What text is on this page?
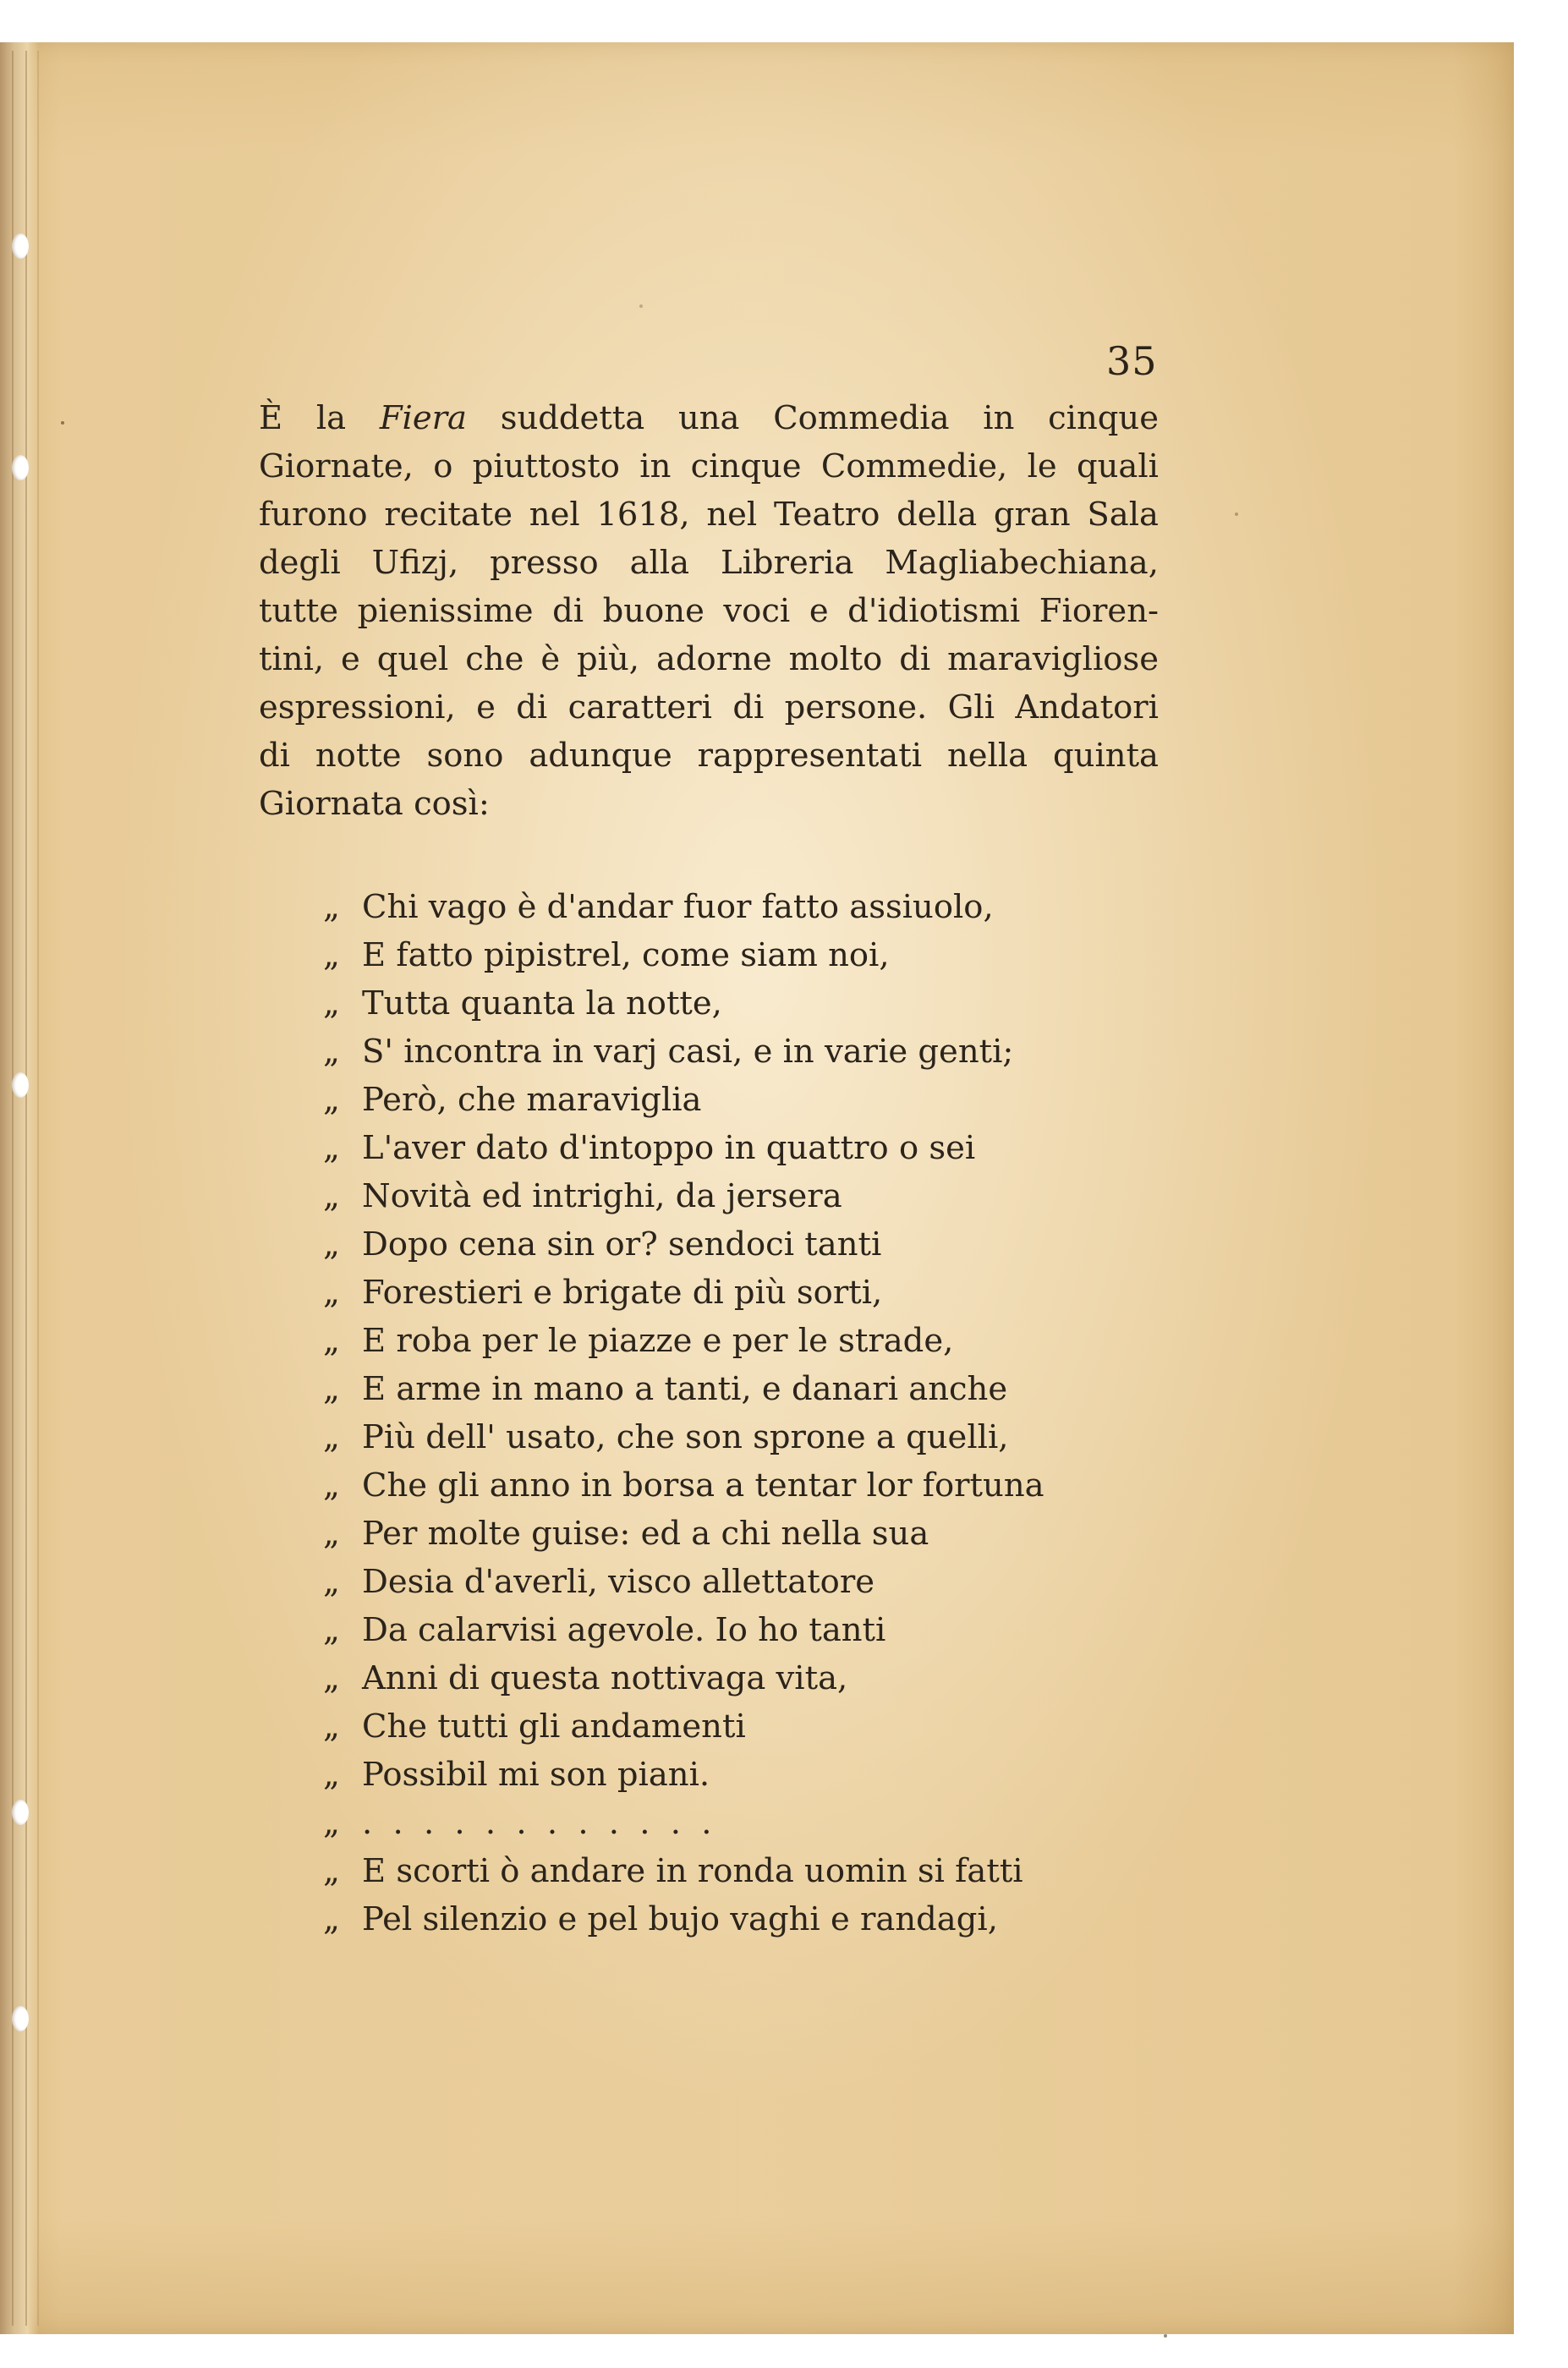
35
È la Fiera suddetta una Commedia in cinque
Giornate, o piuttosto in cinque Commedie, le quali
furono recitate nel 1618, nel Teatro della gran Sala
degli Ufizj, presso alla Libreria Magliabechiana,
tutte pienissime di buone voci e d'idiotismi Fioren-
tini, e quel che è più, adorne molto di maravigliose
espressioni, e di caratteri di persone. Gli Andatori
di notte sono adunque rappresentati nella quinta
Giornata così:
„ Chi vago è d'andar fuor fatto assiuolo,
„ E fatto pipistrel, come siam noi,
„ Tutta quanta la notte,
„ S' incontra in varj casi, e in varie genti;
„ Però, che maraviglia
„ L'aver dato d'intoppo in quattro o sei
„ Novità ed intrighi, da jersera
„ Dopo cena sin or? sendoci tanti
„ Forestieri e brigate di più sorti,
„ E roba per le piazze e per le strade,
„ E arme in mano a tanti, e danari anche
„ Più dell' usato, che son sprone a quelli,
„ Che gli anno in borsa a tentar lor fortuna
„ Per molte guise: ed a chi nella sua
„ Desia d'averli, visco allettatore
„ Da calarvisi agevole. Io ho tanti
„ Anni di questa nottivaga vita,
„ Che tutti gli andamenti
„ Possibil mi son piani.
„ . . . . . . . . . . . .
„ E scorti ò andare in ronda uomin si fatti
„ Pel silenzio e pel bujo vaghi e randagi,
